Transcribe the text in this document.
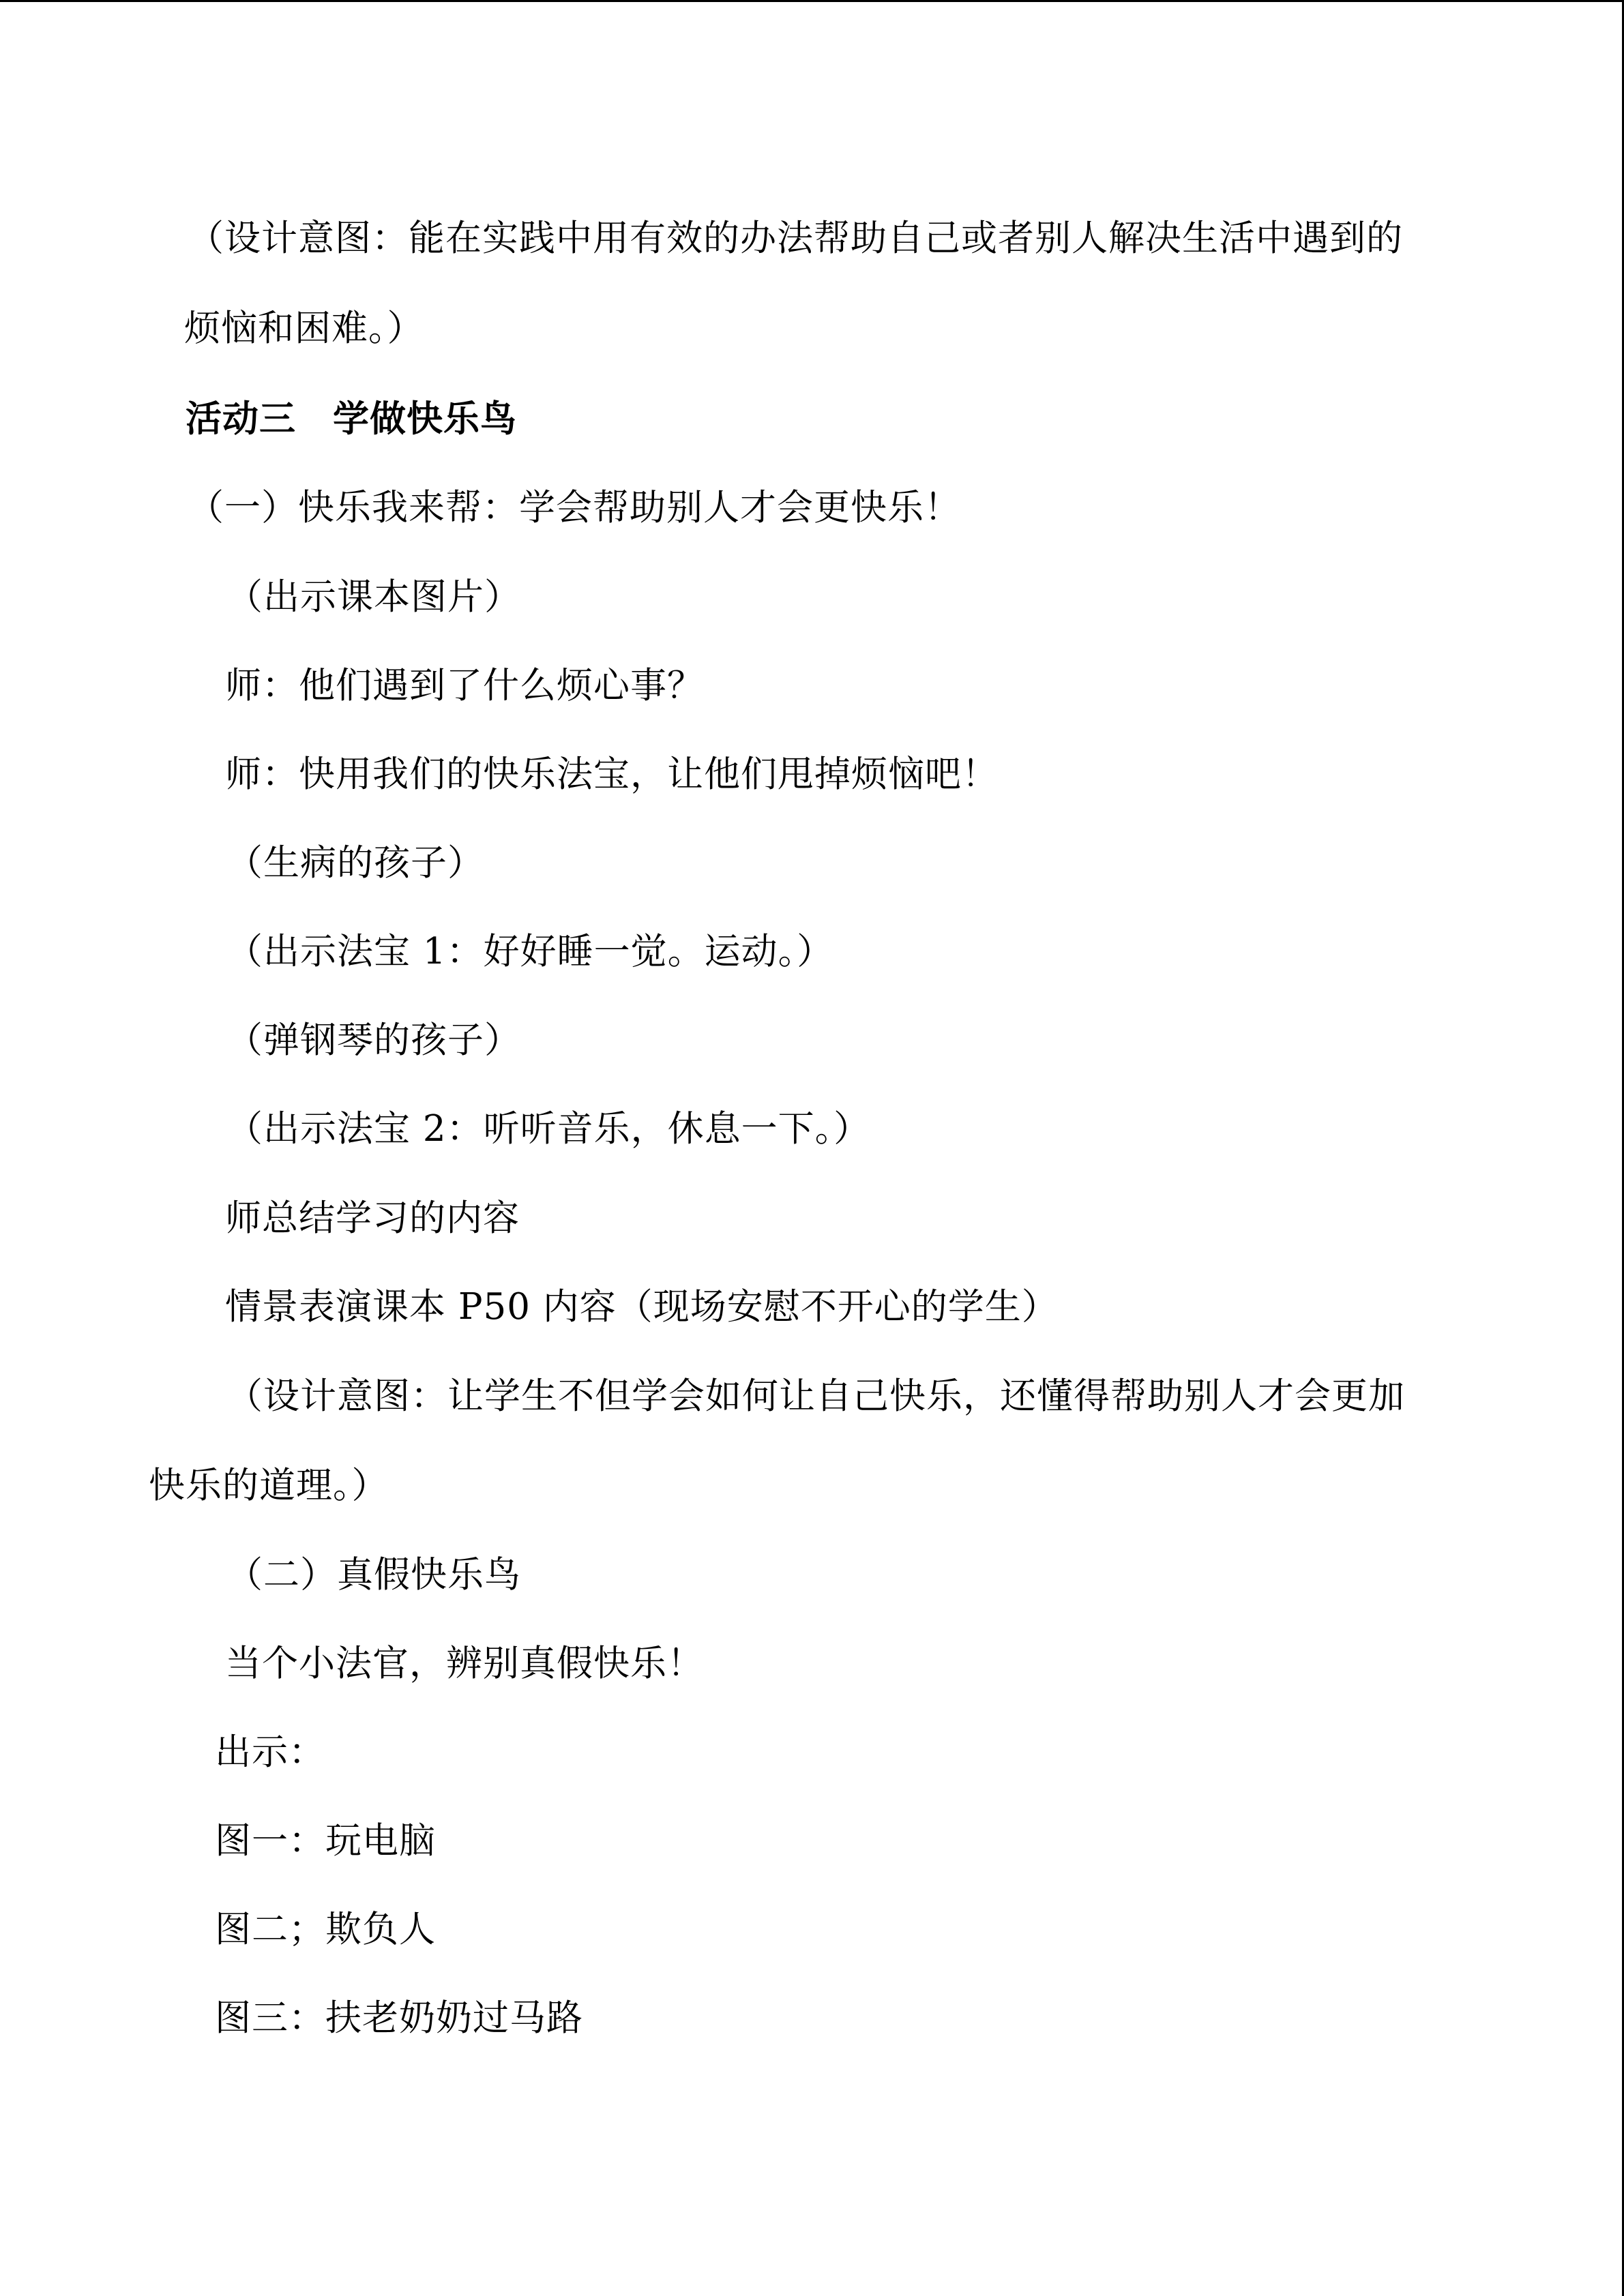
（设计意图：能在实践中用有效的办法帮助自己或者别人解决生活中遇到的
烦恼和困难。）
活动三　学做快乐鸟
（一）快乐我来帮：学会帮助别人才会更快乐！
（出示课本图片）
师：他们遇到了什么烦心事？
师：快用我们的快乐法宝，让他们甩掉烦恼吧！
（生病的孩子）
（出示法宝 1：好好睡一觉。运动。）
（弹钢琴的孩子）
（出示法宝 2：听听音乐，休息一下。）
师总结学习的内容
情景表演课本 P50 内容（现场安慰不开心的学生）
（设计意图：让学生不但学会如何让自己快乐，还懂得帮助别人才会更加
快乐的道理。）
（二）真假快乐鸟
当个小法官，辨别真假快乐！
出示：
图一：玩电脑
图二；欺负人
图三：扶老奶奶过马路
